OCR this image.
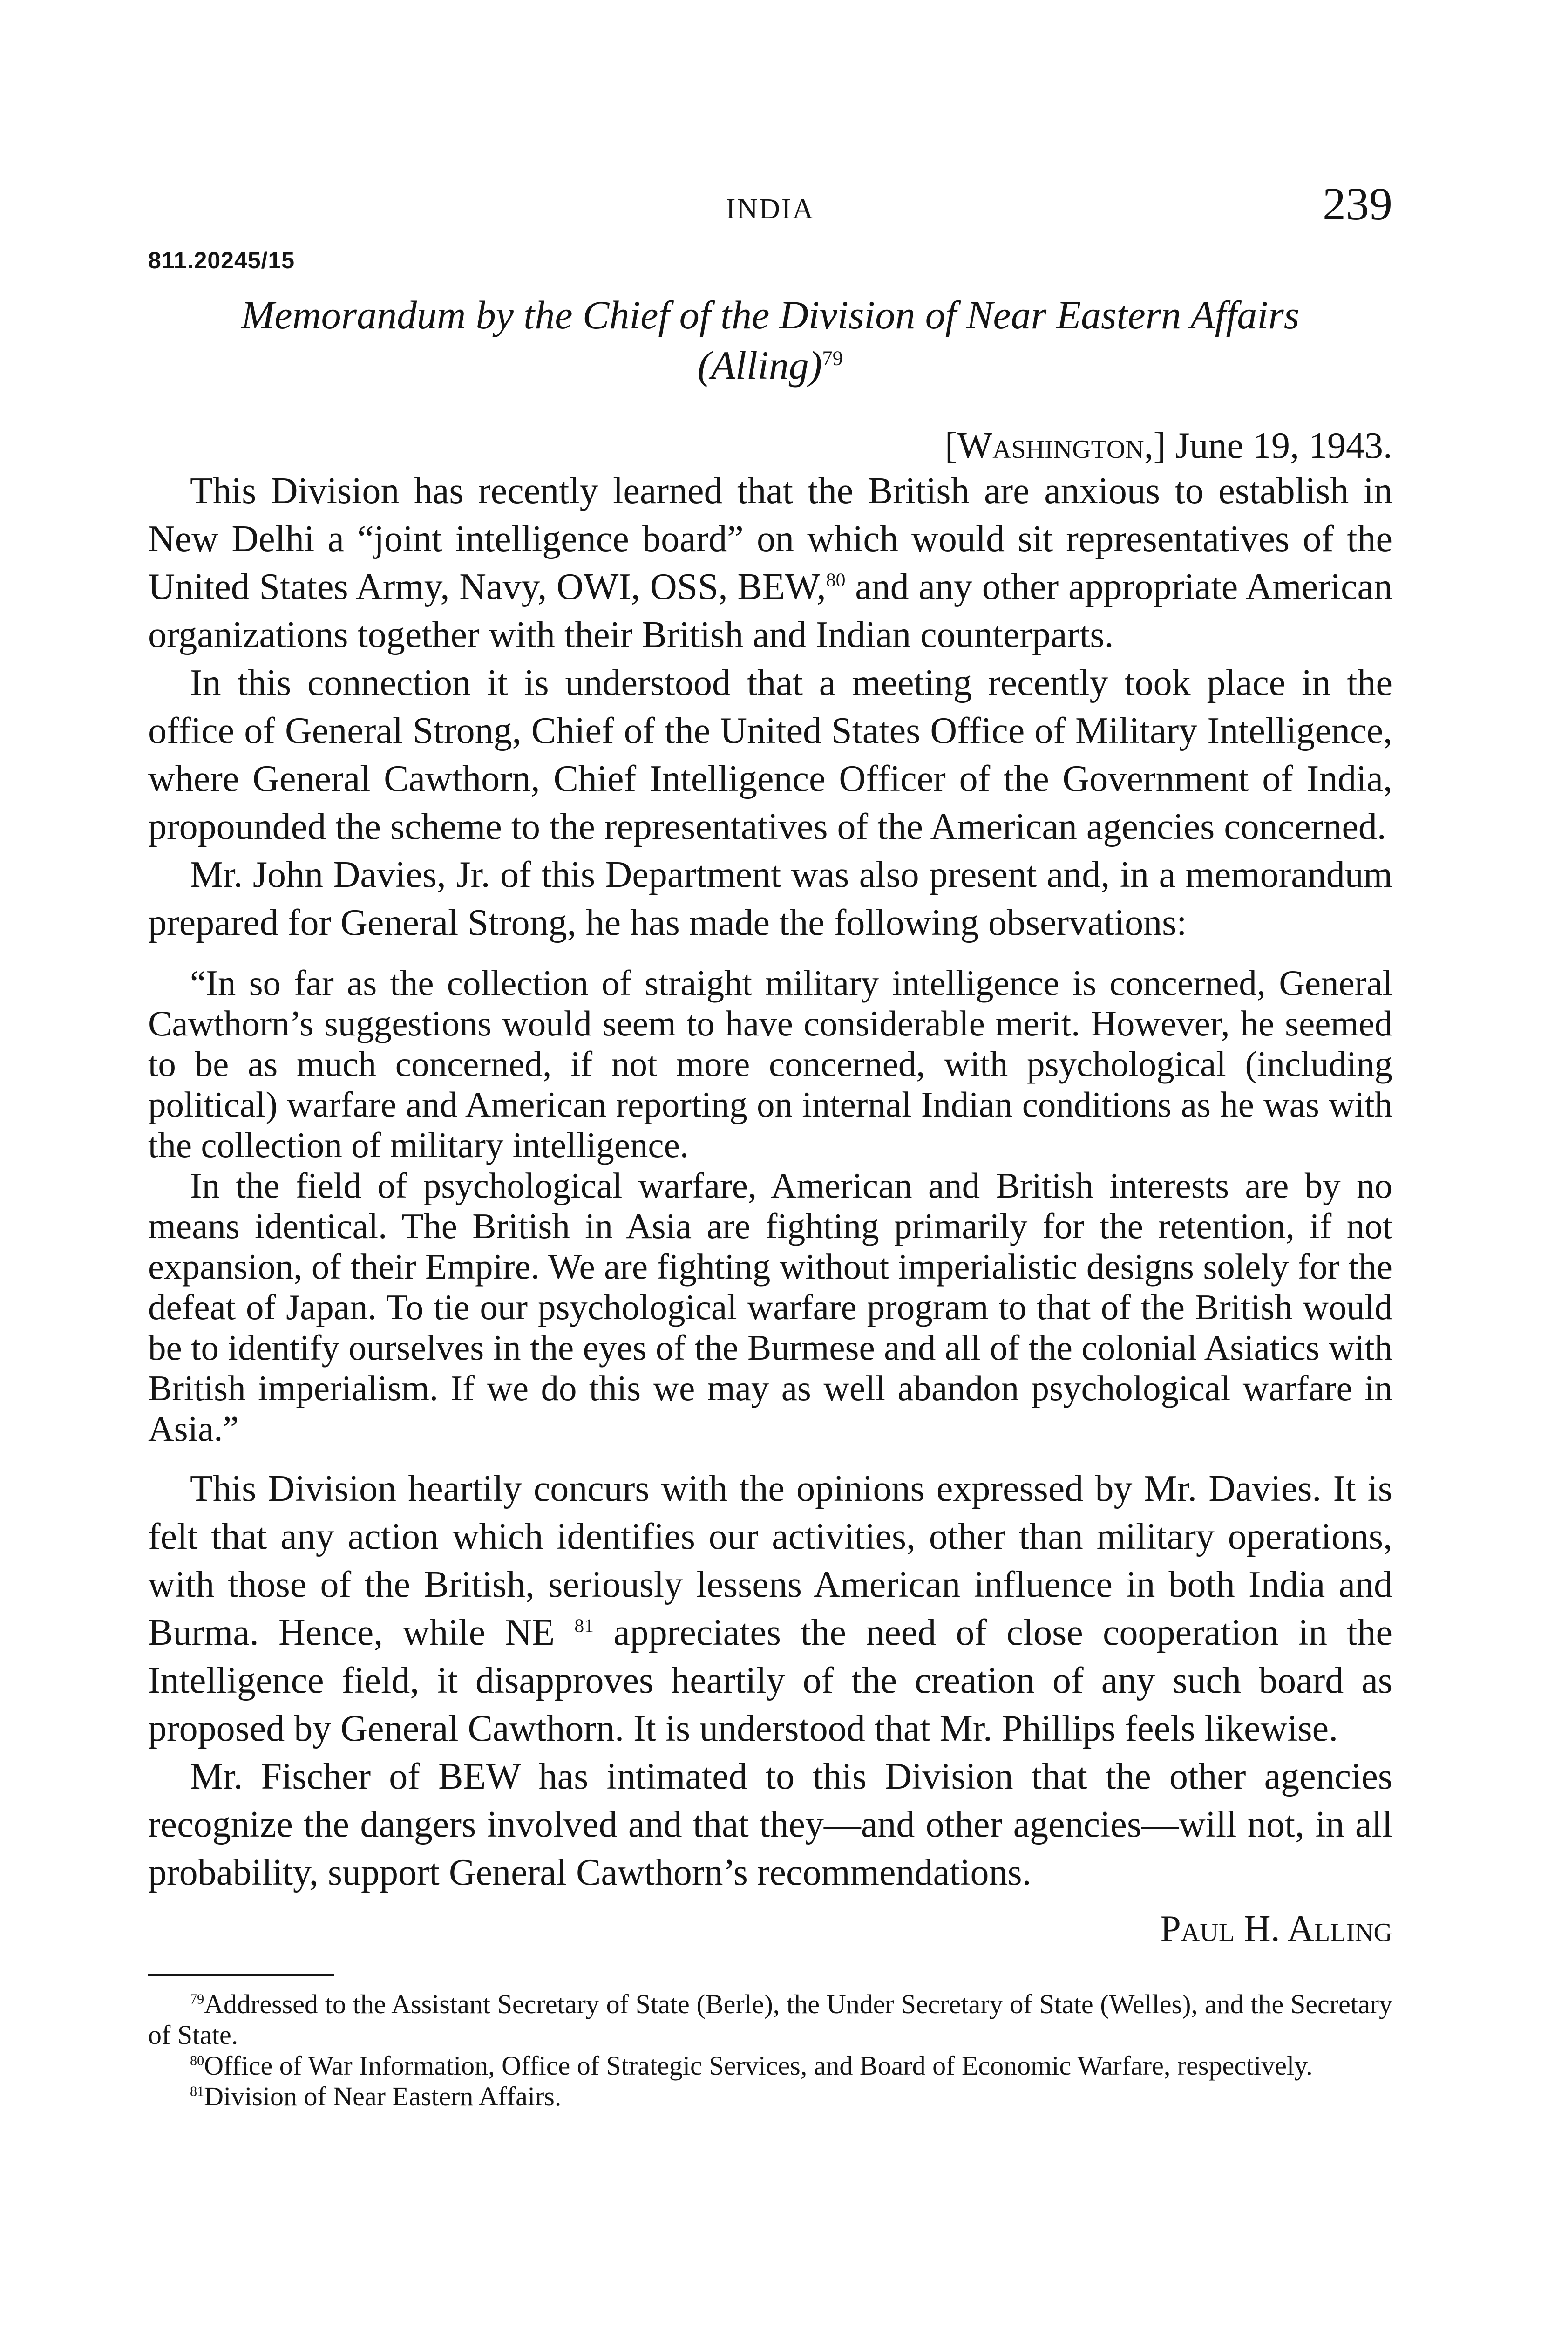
INDIA	239
811.20245/15
Memorandum by the Chief of the Division of Near Eastern Affairs
(Alling)$^{79}$
[Washington,] June 19, 1943.

This Division has recently learned that the British are anxious to establish in New Delhi a “joint intelligence board” on which would sit representatives of the United States Army, Navy, OWI, OSS, BEW,$^{80}$ and any other appropriate American organizations together with their British and Indian counterparts.

In this connection it is understood that a meeting recently took place in the office of General Strong, Chief of the United States Office of Military Intelligence, where General Cawthorn, Chief Intelligence Officer of the Government of India, propounded the scheme to the representatives of the American agencies concerned.

Mr. John Davies, Jr. of this Department was also present and, in a memorandum prepared for General Strong, he has made the following observations:

“In so far as the collection of straight military intelligence is concerned, General Cawthorn’s suggestions would seem to have considerable merit. However, he seemed to be as much concerned, if not more concerned, with psychological (including political) warfare and American reporting on internal Indian conditions as he was with the collection of military intelligence.

In the field of psychological warfare, American and British interests are by no means identical. The British in Asia are fighting primarily for the retention, if not expansion, of their Empire. We are fighting without imperialistic designs solely for the defeat of Japan. To tie our psychological warfare program to that of the British would be to identify ourselves in the eyes of the Burmese and all of the colonial Asiatics with British imperialism. If we do this we may as well abandon psychological warfare in Asia.”

This Division heartily concurs with the opinions expressed by Mr. Davies. It is felt that any action which identifies our activities, other than military operations, with those of the British, seriously lessens American influence in both India and Burma. Hence, while NE $^{81}$ appreciates the need of close cooperation in the Intelligence field, it disapproves heartily of the creation of any such board as proposed by General Cawthorn. It is understood that Mr. Phillips feels likewise.

Mr. Fischer of BEW has intimated to this Division that the other agencies recognize the dangers involved and that they—and other agencies—will not, in all probability, support General Cawthorn’s recommendations.

Paul H. Alling
$^{79}$Addressed to the Assistant Secretary of State (Berle), the Under Secretary of State (Welles), and the Secretary of State.
$^{80}$Office of War Information, Office of Strategic Services, and Board of Economic Warfare, respectively.
$^{81}$Division of Near Eastern Affairs.
